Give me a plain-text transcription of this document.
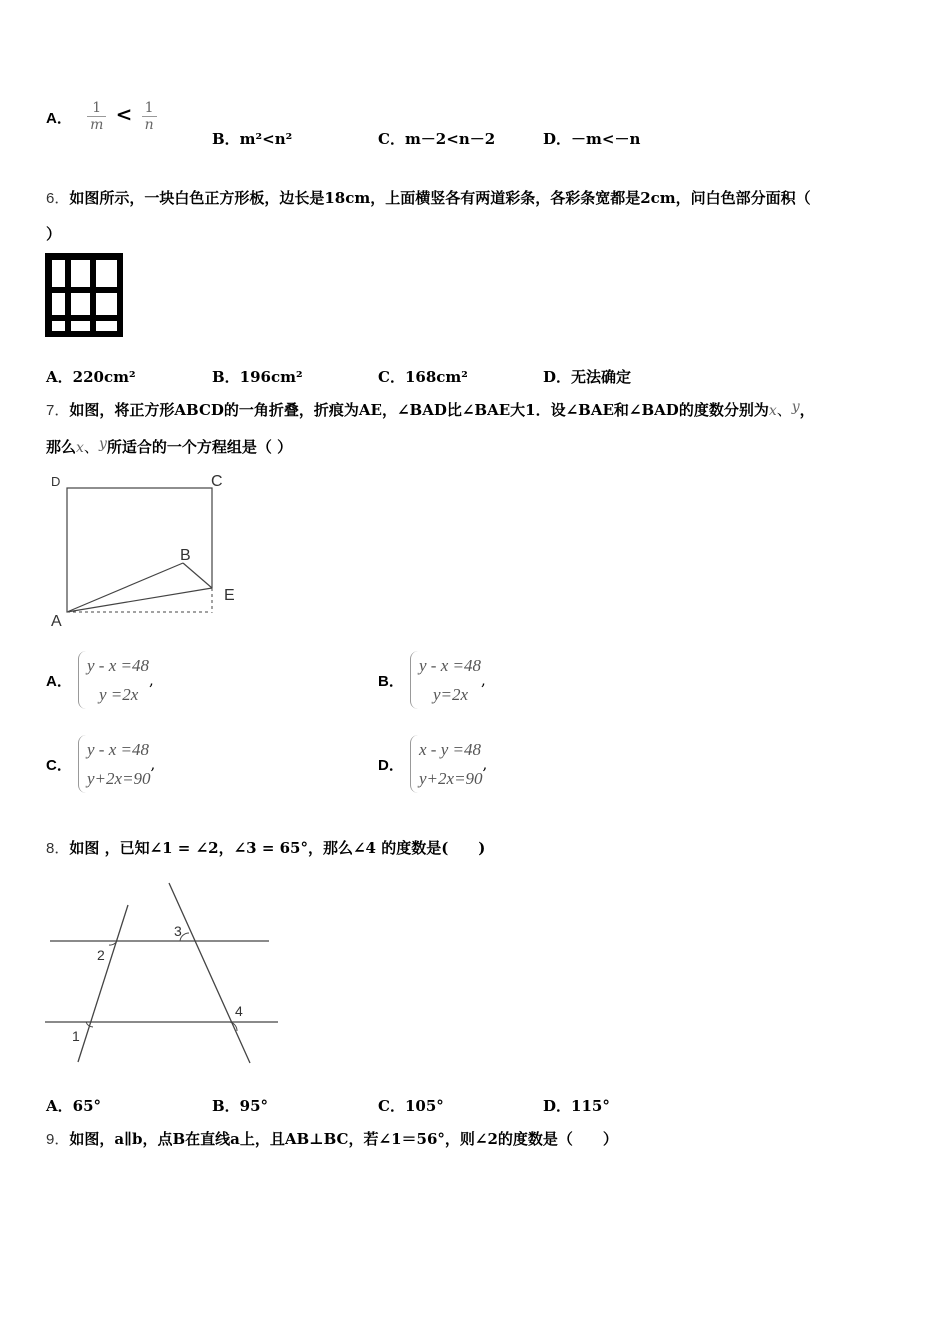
A． $\frac{1}{m} < \frac{1}{n}$
B．m²<n²	C．m－2<n－2	D．－m<－n
6．如图所示，一块白色正方形板，边长是18cm，上面横竖各有两道彩条，各彩条宽都是2cm，问白色部分面积（
）
A．220cm²	B．196cm²	C．168cm²	D．无法确定
7．如图，将正方形ABCD的一角折叠，折痕为AE，∠BAD比∠BAE大1．设∠BAE和∠BAD的度数分别为x、y，
那么x、y所适合的一个方程组是（ ）
D	C
B
E
A
A．
y - x =48
y =2x
,	B．
y - x =48
y=2x
,
C．
y - x =48
y+2x=90
,	D．
x - y =48
y+2x=90
,
8．如图 ，已知∠1 = ∠2，∠3 = 65°，那么∠4 的度数是(　　)
2
1
3
4
A．65°	B．95°	C．105°	D．115°
9．如图，a∥b，点B在直线a上，且AB⊥BC，若∠1＝56°，则∠2的度数是（　　）
